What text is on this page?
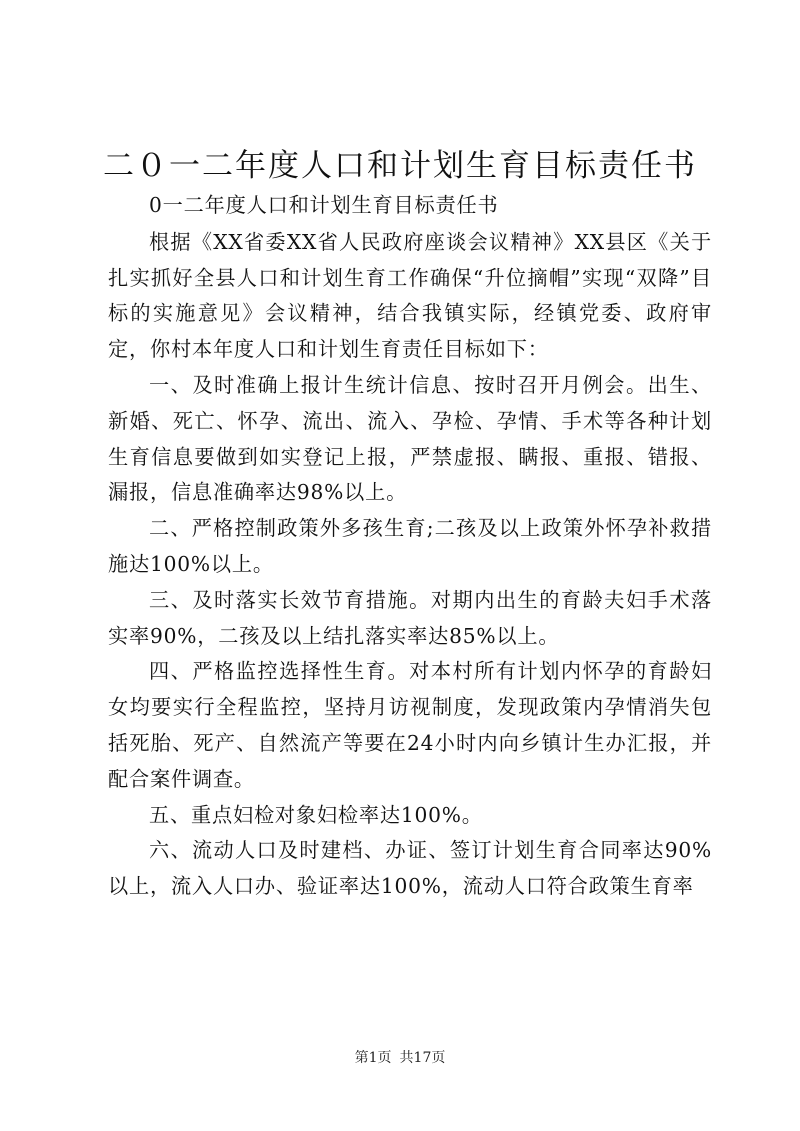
二０一二年度人口和计划生育目标责任书

0一二年度人口和计划生育目标责任书

根据《XX省委XX省人民政府座谈会议精神》XX县区《关于扎实抓好全县人口和计划生育工作确保“升位摘帽”实现“双降”目标的实施意见》会议精神，结合我镇实际，经镇党委、政府审定，你村本年度人口和计划生育责任目标如下：

一、及时准确上报计生统计信息、按时召开月例会。出生、新婚、死亡、怀孕、流出、流入、孕检、孕情、手术等各种计划生育信息要做到如实登记上报，严禁虚报、瞒报、重报、错报、漏报，信息准确率达98%以上。

二、严格控制政策外多孩生育;二孩及以上政策外怀孕补救措施达100%以上。

三、及时落实长效节育措施。对期内出生的育龄夫妇手术落实率90%，二孩及以上结扎落实率达85%以上。

四、严格监控选择性生育。对本村所有计划内怀孕的育龄妇女均要实行全程监控，坚持月访视制度，发现政策内孕情消失包括死胎、死产、自然流产等要在24小时内向乡镇计生办汇报，并配合案件调查。

五、重点妇检对象妇检率达100%。

六、流动人口及时建档、办证、签订计划生育合同率达90%以上，流入人口办、验证率达100%，流动人口符合政策生育率

第1页 共17页
